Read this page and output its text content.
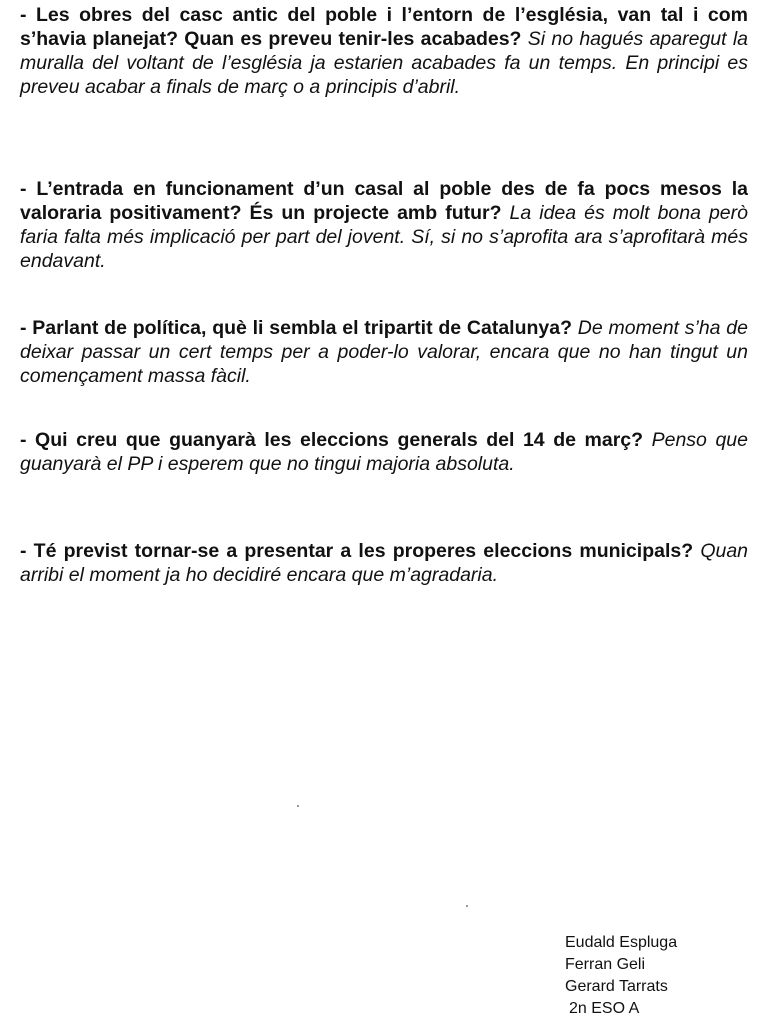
- Les obres del casc antic del poble i l’entorn de l’església, van tal i com s’havia planejat? Quan es preveu tenir-les acabades? Si no hagués aparegut la muralla del voltant de l’església ja estarien acabades fa un temps. En principi es preveu acabar a finals de març o a principis d’abril.

- L’entrada en funcionament d’un casal al poble des de fa pocs mesos la valoraria positivament? És un projecte amb futur? La idea és molt bona però faria falta més implicació per part del jovent. Sí, si no s’aprofita ara s’aprofitarà més endavant.

- Parlant de política, què li sembla el tripartit de Catalunya? De moment s’ha de deixar passar un cert temps per a poder-lo valorar, encara que no han tingut un començament massa fàcil.

- Qui creu que guanyarà les eleccions generals del 14 de març? Penso que guanyarà el PP i esperem que no tingui majoria absoluta.

- Té previst tornar-se a presentar a les properes eleccions municipals? Quan arribi el moment ja ho decidiré encara que m’agradaria.

Eudald Espluga
Ferran Geli
Gerard Tarrats
2n ESO A
